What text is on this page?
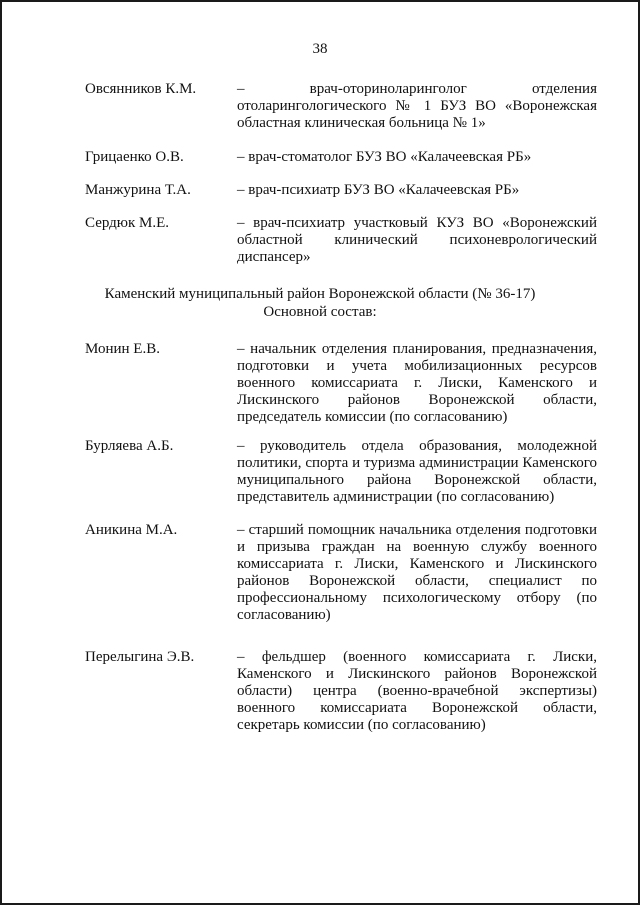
38
Овсянников К.М.	– врач-оториноларинголог отделения отоларингологического № 1 БУЗ ВО «Воронежская областная клиническая больница № 1»
Грицаенко О.В.	– врач-стоматолог БУЗ ВО «Калачеевская РБ»
Манжурина Т.А.	– врач-психиатр БУЗ ВО «Калачеевская РБ»
Сердюк М.Е.	– врач-психиатр участковый КУЗ ВО «Воронежский областной клинический психоневрологический диспансер»
Каменский муниципальный район Воронежской области (№ 36-17)
Основной состав:
Монин Е.В.	– начальник отделения планирования, предназначения, подготовки и учета мобилизационных ресурсов военного комиссариата г. Лиски, Каменского и Лискинского районов Воронежской области, председатель комиссии (по согласованию)
Бурляева А.Б.	– руководитель отдела образования, молодежной политики, спорта и туризма администрации Каменского муниципального района Воронежской области, представитель администрации (по согласованию)
Аникина М.А.	– старший помощник начальника отделения подготовки и призыва граждан на военную службу военного комиссариата г. Лиски, Каменского и Лискинского районов Воронежской области, специалист по профессиональному психологическому отбору (по согласованию)
Перелыгина Э.В.	– фельдшер (военного комиссариата г. Лиски, Каменского и Лискинского районов Воронежской области) центра (военно-врачебной экспертизы) военного комиссариата Воронежской области, секретарь комиссии (по согласованию)
